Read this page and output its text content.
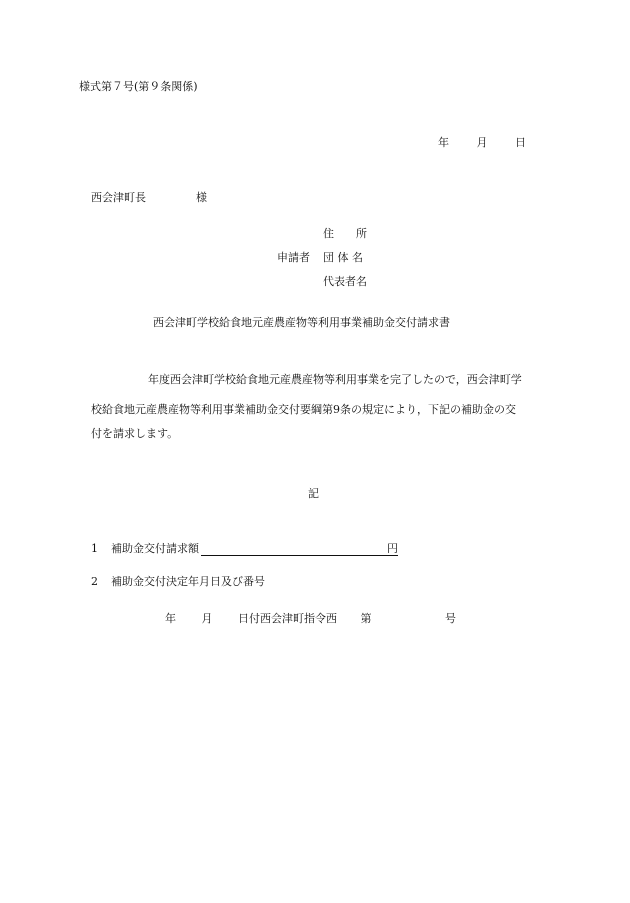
様式第７号(第９条関係)
年	月	日
西会津町長	様
住　　所
申請者 団 体 名
代表者名
西会津町学校給食地元産農産物等利用事業補助金交付請求書
年度西会津町学校給食地元産農産物等利用事業を完了したので，西会津町学
校給食地元産農産物等利用事業補助金交付要綱第9条の規定により，下記の補助金の交
付を請求します。
記
1 補助金交付請求額	円
2 補助金交付決定年月日及び番号
年 月 日付西会津町指令西 第	号
